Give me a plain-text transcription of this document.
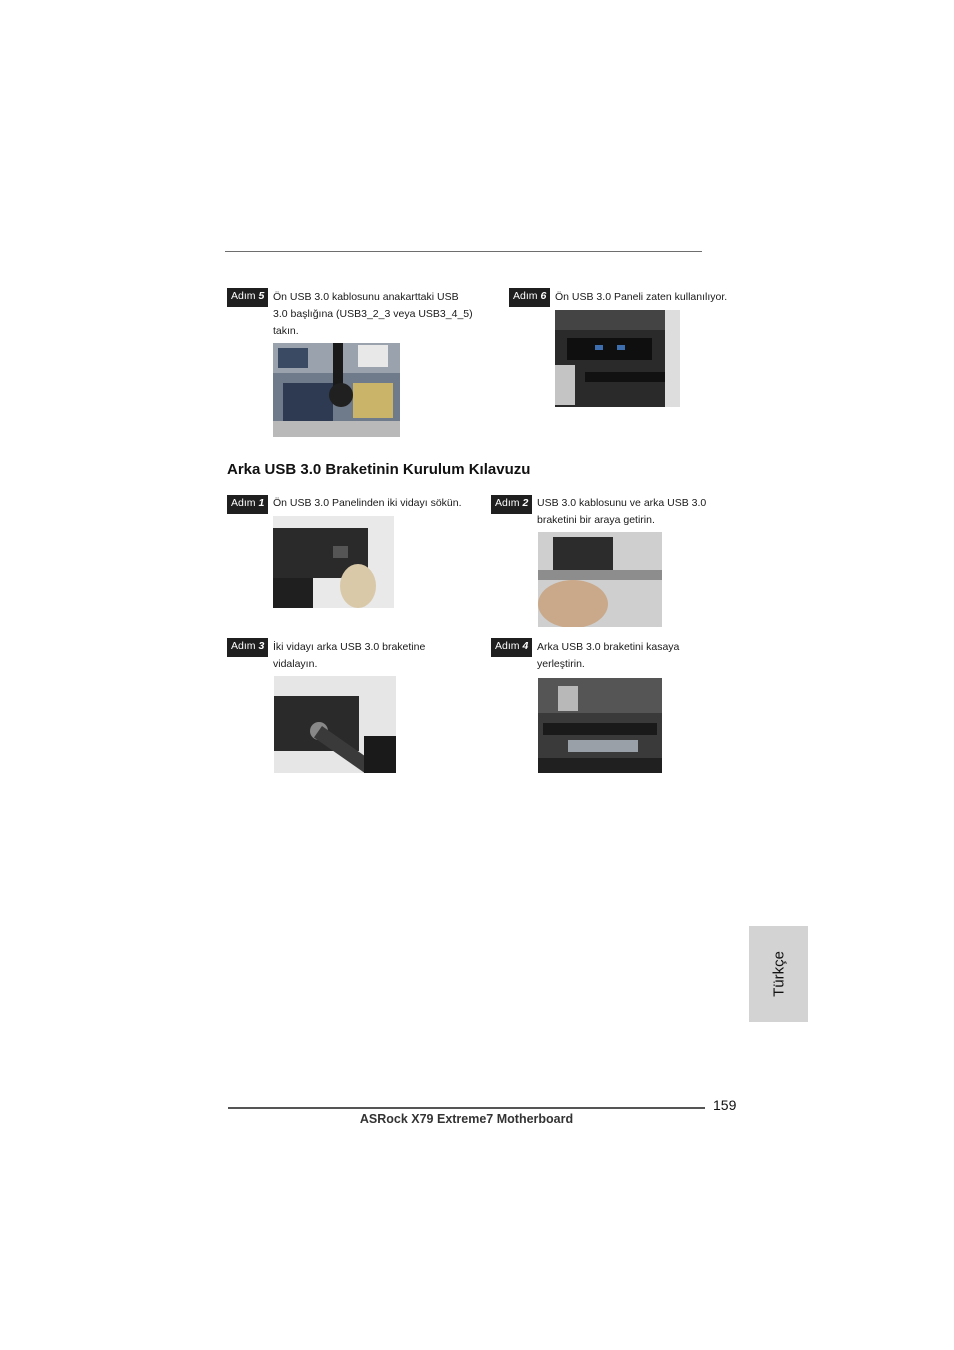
Adım 5 Ön USB 3.0 kablosunu anakarttaki USB
3.0 başlığına (USB3_2_3 veya USB3_4_5)
takın.
Adım 6 Ön USB 3.0 Paneli zaten kullanılıyor.
Arka USB 3.0 Braketinin Kurulum Kılavuzu
Adım 1 Ön USB 3.0 Panelinden iki vidayı sökün.	Adım 2 USB 3.0 kablosunu ve arka USB 3.0
braketini bir araya getirin.
Adım 3 İki vidayı arka USB 3.0 braketine
vidalayın.
Adım 4 Arka USB 3.0 braketini kasaya
yerleştirin.
Türkçe
159
ASRock X79 Extreme7 Motherboard
